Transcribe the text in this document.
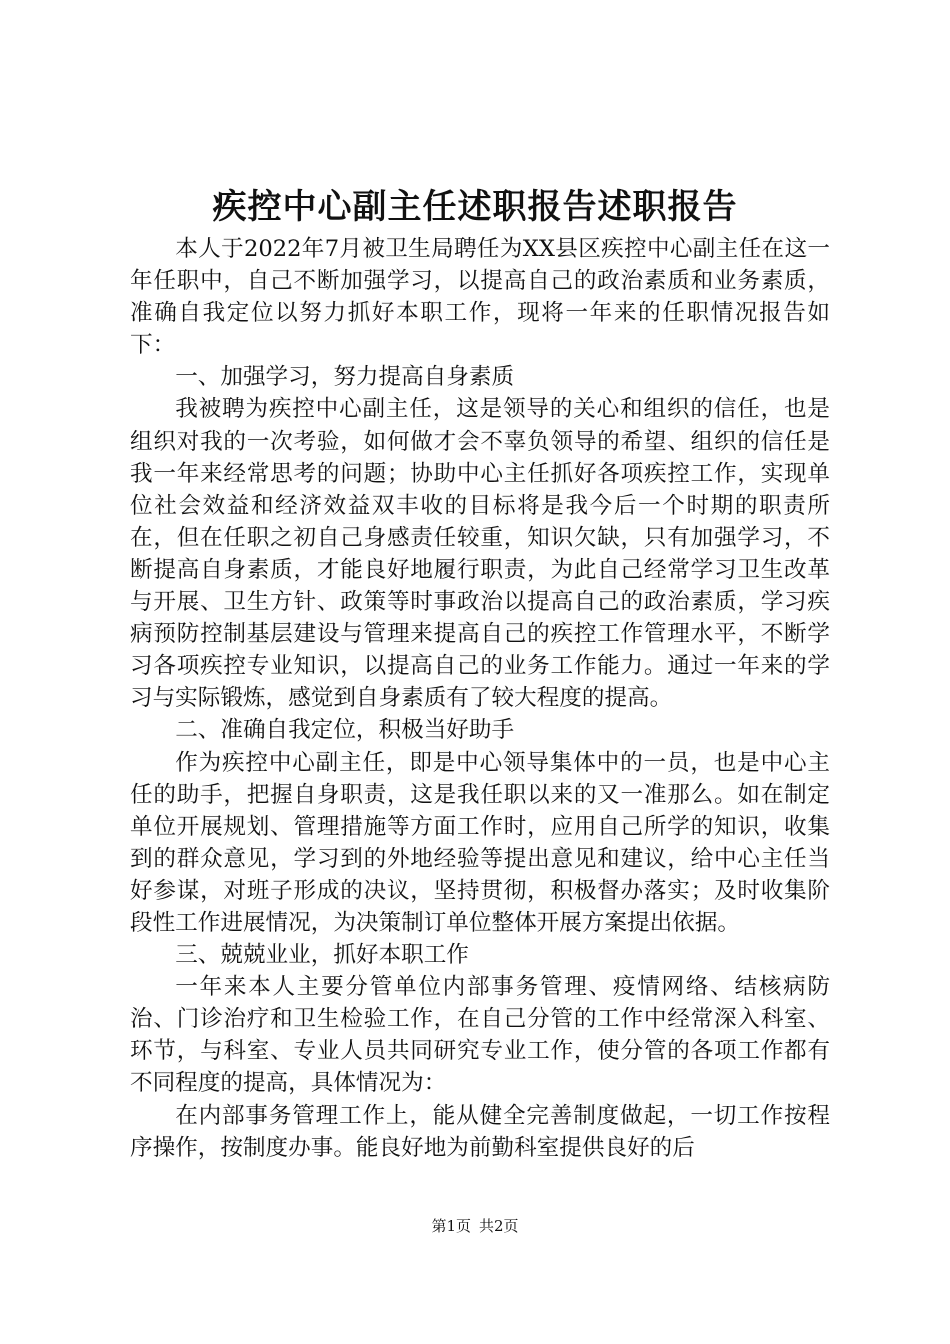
疾控中心副主任述职报告述职报告

本人于2022年7月被卫生局聘任为XX县区疾控中心副主任在这一年任职中，自己不断加强学习，以提高自己的政治素质和业务素质，准确自我定位以努力抓好本职工作，现将一年来的任职情况报告如下：

一、加强学习，努力提高自身素质

我被聘为疾控中心副主任，这是领导的关心和组织的信任，也是组织对我的一次考验，如何做才会不辜负领导的希望、组织的信任是我一年来经常思考的问题；协助中心主任抓好各项疾控工作，实现单位社会效益和经济效益双丰收的目标将是我今后一个时期的职责所在，但在任职之初自己身感责任较重，知识欠缺，只有加强学习，不断提高自身素质，才能良好地履行职责，为此自己经常学习卫生改革与开展、卫生方针、政策等时事政治以提高自己的政治素质，学习疾病预防控制基层建设与管理来提高自己的疾控工作管理水平，不断学习各项疾控专业知识，以提高自己的业务工作能力。通过一年来的学习与实际锻炼，感觉到自身素质有了较大程度的提高。

二、准确自我定位，积极当好助手

作为疾控中心副主任，即是中心领导集体中的一员，也是中心主任的助手，把握自身职责，这是我任职以来的又一准那么。如在制定单位开展规划、管理措施等方面工作时，应用自己所学的知识，收集到的群众意见，学习到的外地经验等提出意见和建议，给中心主任当好参谋，对班子形成的决议，坚持贯彻，积极督办落实；及时收集阶段性工作进展情况，为决策制订单位整体开展方案提出依据。

三、兢兢业业，抓好本职工作

一年来本人主要分管单位内部事务管理、疫情网络、结核病防治、门诊治疗和卫生检验工作，在自己分管的工作中经常深入科室、环节，与科室、专业人员共同研究专业工作，使分管的各项工作都有不同程度的提高，具体情况为：

在内部事务管理工作上，能从健全完善制度做起，一切工作按程序操作，按制度办事。能良好地为前勤科室提供良好的后

第1页 共2页
